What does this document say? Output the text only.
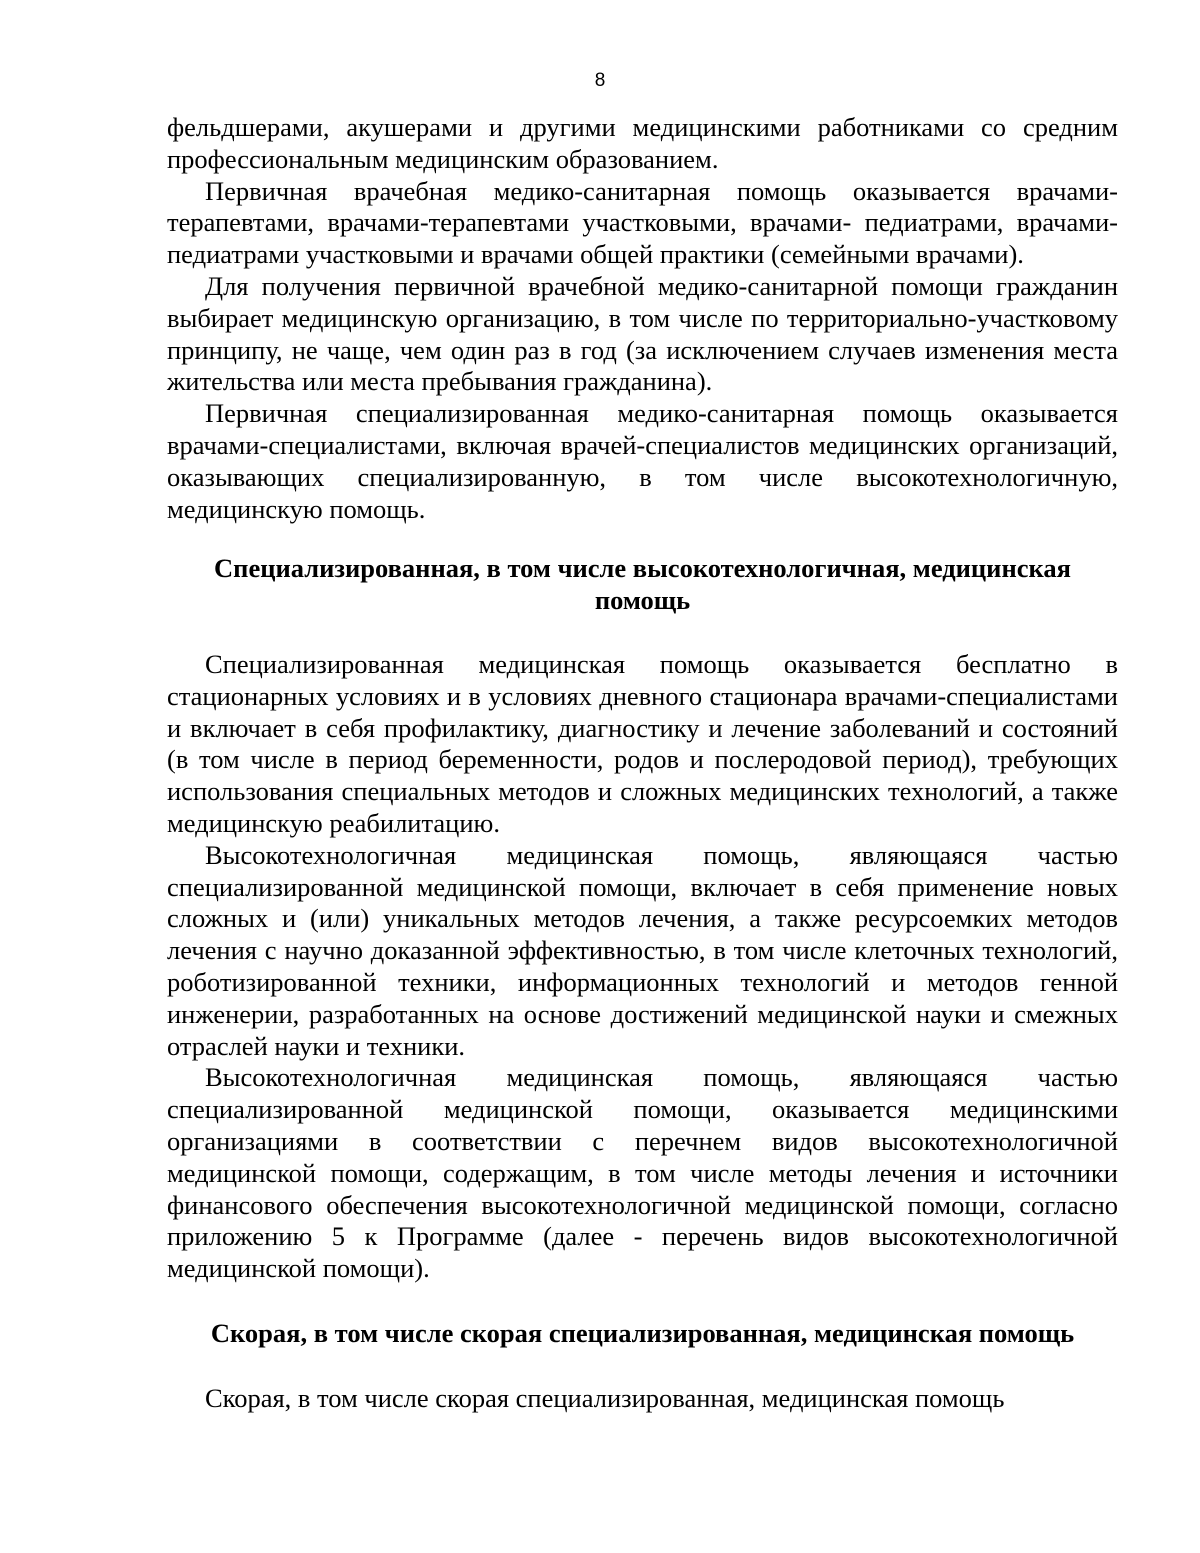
8

фельдшерами, акушерами и другими медицинскими работниками со средним профессиональным медицинским образованием.

Первичная врачебная медико-санитарная помощь оказывается врачами-терапевтами, врачами-терапевтами участковыми, врачами- педиатрами, врачами- педиатрами участковыми и врачами общей практики (семейными врачами).

Для получения первичной врачебной медико-санитарной помощи гражданин выбирает медицинскую организацию, в том числе по территориально-участковому принципу, не чаще, чем один раз в год (за исключением случаев изменения места жительства или места пребывания гражданина).

Первичная специализированная медико-санитарная помощь оказывается врачами-специалистами, включая врачей-специалистов медицинских организаций, оказывающих специализированную, в том числе высокотехнологичную, медицинскую помощь.

Специализированная, в том числе высокотехнологичная, медицинская помощь

Специализированная медицинская помощь оказывается бесплатно в стационарных условиях и в условиях дневного стационара врачами-специалистами и включает в себя профилактику, диагностику и лечение заболеваний и состояний (в том числе в период беременности, родов и послеродовой период), требующих использования специальных методов и сложных медицинских технологий, а также медицинскую реабилитацию.

Высокотехнологичная медицинская помощь, являющаяся частью специализированной медицинской помощи, включает в себя применение новых сложных и (или) уникальных методов лечения, а также ресурсоемких методов лечения с научно доказанной эффективностью, в том числе клеточных технологий, роботизированной техники, информационных технологий и методов генной инженерии, разработанных на основе достижений медицинской науки и смежных отраслей науки и техники.

Высокотехнологичная медицинская помощь, являющаяся частью специализированной медицинской помощи, оказывается медицинскими организациями в соответствии с перечнем видов высокотехнологичной медицинской помощи, содержащим, в том числе методы лечения и источники финансового обеспечения высокотехнологичной медицинской помощи, согласно приложению 5 к Программе (далее - перечень видов высокотехнологичной медицинской помощи).

Скорая, в том числе скорая специализированная, медицинская помощь

Скорая, в том числе скорая специализированная, медицинская помощь
